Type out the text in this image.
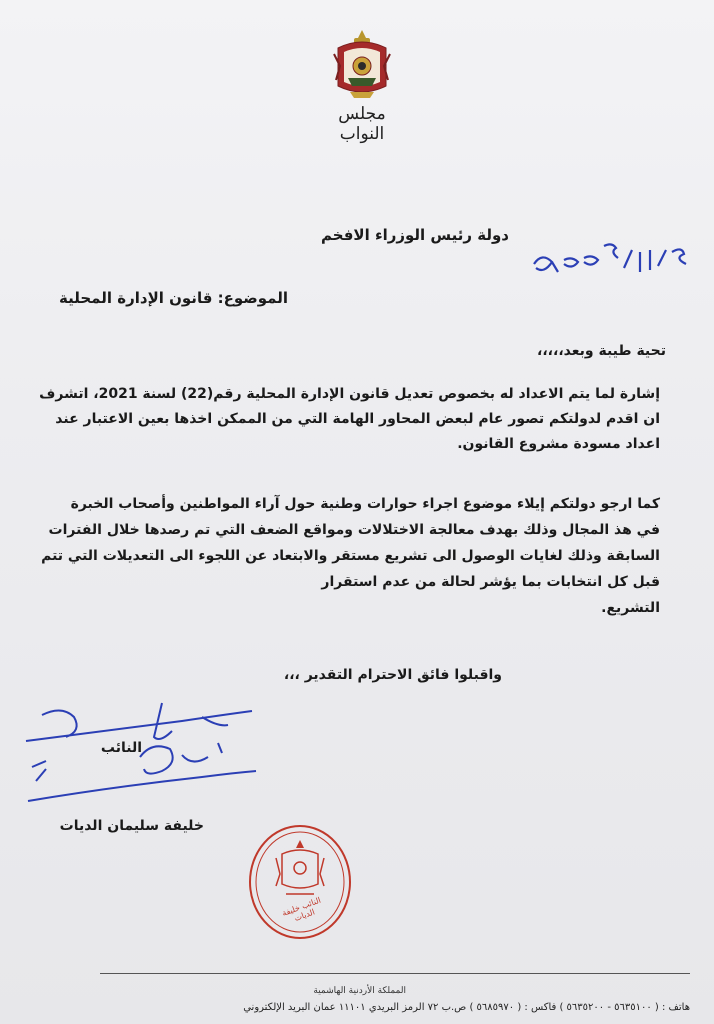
مجلس النواب
دولة رئيس الوزراء الافخم
الموضوع: قانون الإدارة المحلية
تحية طيبة وبعد،،،،،
إشارة لما يتم الاعداد له بخصوص تعديل قانون الإدارة المحلية رقم(22) لسنة 2021، اتشرف
ان اقدم لدولتكم تصور عام لبعض المحاور الهامة التي من الممكن اخذها بعين الاعتبار عند
اعداد مسودة مشروع القانون.
كما ارجو دولتكم إيلاء موضوع اجراء حوارات وطنية حول آراء المواطنين وأصحاب الخبرة
في هذ المجال وذلك بهدف معالجة الاختلالات ومواقع الضعف التي تم رصدها خلال الفترات
السابقة وذلك لغايات الوصول الى تشريع مستقر والابتعاد عن اللجوء الى التعديلات التي تتم
قبل كل انتخابات بما يؤشر لحالة من عدم استقرار
التشريع.
واقبلوا فائق الاحترام التقدير ،،،
النائب
خليفة سليمان الديات
النائب خليفة الديات
المملكة الأردنية الهاشمية
هاتف : ( ٥٦٣٥١٠٠ - ٥٦٣٥٢٠٠ ) فاكس : ( ٥٦٨٥٩٧٠ ) ص.ب ٧٢ الرمز البريدي ١١١٠١ عمان البريد الإلكتروني
